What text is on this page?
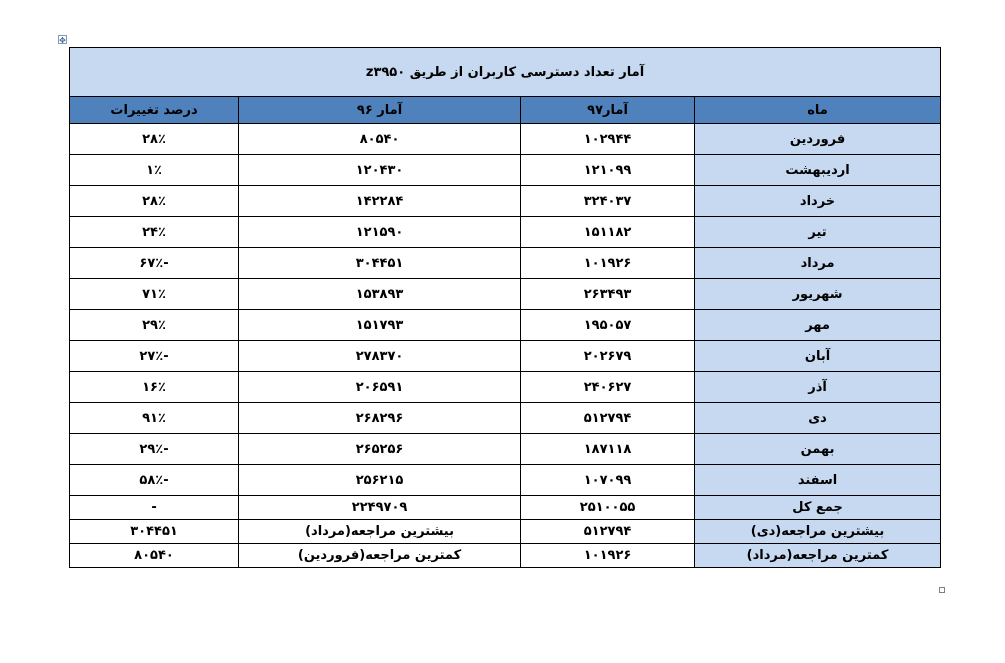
✥
آمار تعداد دسترسی کاربران از طریق z۳۹۵۰			
ماه	آمار۹۷	آمار ۹۶	درصد تغییرات
فروردین	۱۰۲۹۴۴	۸۰۵۴۰	۲۸٪
اردیبهشت	۱۲۱۰۹۹	۱۲۰۴۳۰	۱٪
خرداد	۳۲۴۰۳۷	۱۴۲۲۸۴	۲۸٪
تیر	۱۵۱۱۸۲	۱۲۱۵۹۰	۲۴٪
مرداد	۱۰۱۹۲۶	۳۰۴۴۵۱	-۶۷٪
شهریور	۲۶۳۴۹۳	۱۵۳۸۹۳	۷۱٪
مهر	۱۹۵۰۵۷	۱۵۱۷۹۳	۲۹٪
آبان	۲۰۲۶۷۹	۲۷۸۳۷۰	-۲۷٪
آذر	۲۴۰۶۲۷	۲۰۶۵۹۱	۱۶٪
دی	۵۱۲۷۹۴	۲۶۸۲۹۶	۹۱٪
بهمن	۱۸۷۱۱۸	۲۶۵۲۵۶	-۲۹٪
اسفند	۱۰۷۰۹۹	۲۵۶۲۱۵	-۵۸٪
جمع کل	۲۵۱۰۰۵۵	۲۲۴۹۷۰۹	-
بیشترین مراجعه(دی)	۵۱۲۷۹۴	بیشترین مراجعه(مرداد)	۳۰۴۴۵۱
کمترین مراجعه(مرداد)	۱۰۱۹۲۶	کمترین مراجعه(فروردین)	۸۰۵۴۰
